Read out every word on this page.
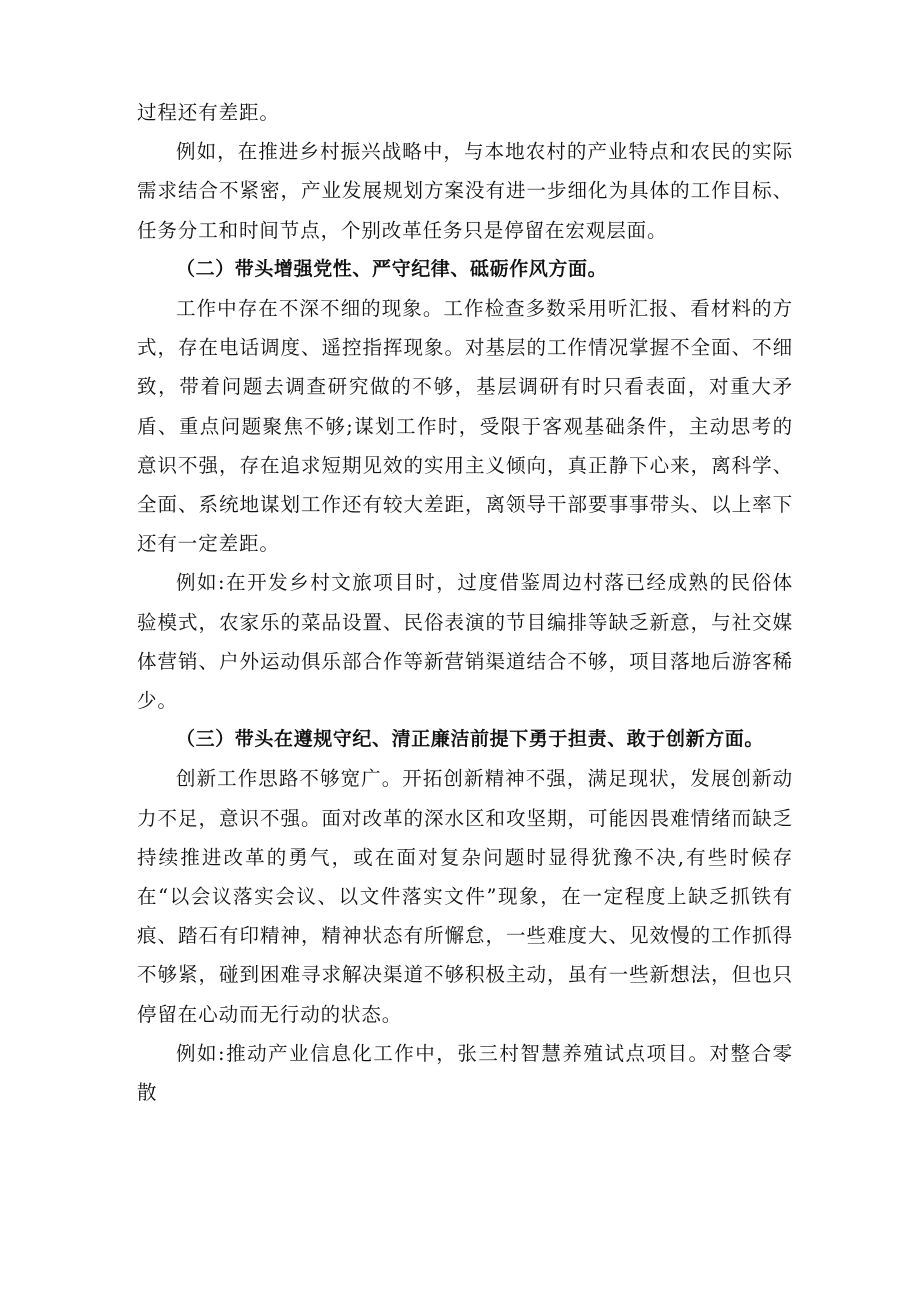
过程还有差距。

例如，在推进乡村振兴战略中，与本地农村的产业特点和农民的实际需求结合不紧密，产业发展规划方案没有进一步细化为具体的工作目标、任务分工和时间节点，个别改革任务只是停留在宏观层面。

（二）带头增强党性、严守纪律、砥砺作风方面。

工作中存在不深不细的现象。工作检查多数采用听汇报、看材料的方式，存在电话调度、遥控指挥现象。对基层的工作情况掌握不全面、不细致，带着问题去调查研究做的不够，基层调研有时只看表面，对重大矛盾、重点问题聚焦不够;谋划工作时，受限于客观基础条件，主动思考的意识不强，存在追求短期见效的实用主义倾向，真正静下心来，离科学、全面、系统地谋划工作还有较大差距，离领导干部要事事带头、以上率下还有一定差距。

例如:在开发乡村文旅项目时，过度借鉴周边村落已经成熟的民俗体验模式，农家乐的菜品设置、民俗表演的节目编排等缺乏新意，与社交媒体营销、户外运动俱乐部合作等新营销渠道结合不够，项目落地后游客稀少。

（三）带头在遵规守纪、清正廉洁前提下勇于担责、敢于创新方面。

创新工作思路不够宽广。开拓创新精神不强，满足现状，发展创新动力不足，意识不强。面对改革的深水区和攻坚期，可能因畏难情绪而缺乏持续推进改革的勇气，或在面对复杂问题时显得犹豫不决,有些时候存在“以会议落实会议、以文件落实文件”现象，在一定程度上缺乏抓铁有痕、踏石有印精神，精神状态有所懈怠，一些难度大、见效慢的工作抓得不够紧，碰到困难寻求解决渠道不够积极主动，虽有一些新想法，但也只停留在心动而无行动的状态。

例如:推动产业信息化工作中，张三村智慧养殖试点项目。对整合零散
